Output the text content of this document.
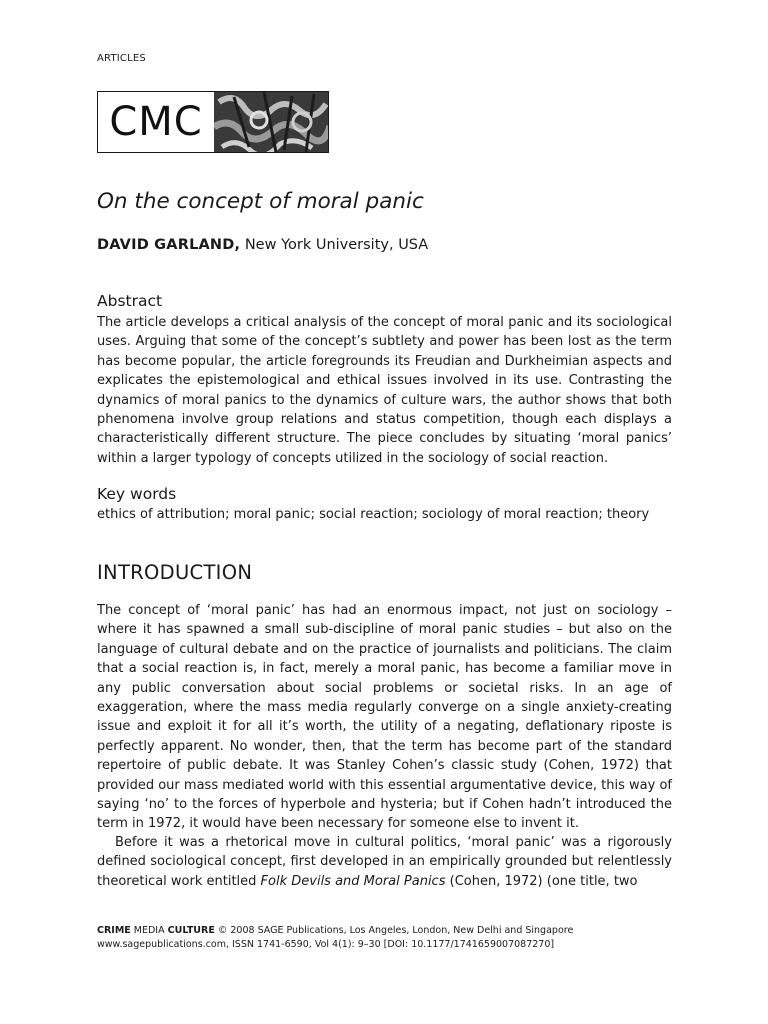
ARTICLES
CMC
On the concept of moral panic
DAVID GARLAND, New York University, USA
Abstract

The article develops a critical analysis of the concept of moral panic and its sociological uses. Arguing that some of the concept’s subtlety and power has been lost as the term has become popular, the article foregrounds its Freudian and Durkheimian aspects and explicates the epistemological and ethical issues involved in its use. Contrasting the dynamics of moral panics to the dynamics of culture wars, the author shows that both phenomena involve group relations and status competition, though each displays a characteristically different structure. The piece concludes by situating ‘moral panics’ within a larger typology of concepts utilized in the sociology of social reaction.

Key words
ethics of attribution; moral panic; social reaction; sociology of moral reaction; theory
INTRODUCTION

The concept of ‘moral panic’ has had an enormous impact, not just on sociology – where it has spawned a small sub-discipline of moral panic studies – but also on the language of cultural debate and on the practice of journalists and politicians. The claim that a social reaction is, in fact, merely a moral panic, has become a familiar move in any public conversation about social problems or societal risks. In an age of exaggeration, where the mass media regularly converge on a single anxiety-creating issue and exploit it for all it’s worth, the utility of a negating, deflationary riposte is perfectly apparent. No wonder, then, that the term has become part of the standard repertoire of public debate. It was Stanley Cohen’s classic study (Cohen, 1972) that provided our mass mediated world with this essential argumentative device, this way of saying ‘no’ to the forces of hyperbole and hysteria; but if Cohen hadn’t introduced the term in 1972, it would have been necessary for someone else to invent it.

Before it was a rhetorical move in cultural politics, ‘moral panic’ was a rigorously defined sociological concept, first developed in an empirically grounded but relentlessly theoretical work entitled Folk Devils and Moral Panics (Cohen, 1972) (one title, two

CRIME MEDIA CULTURE © 2008 SAGE Publications, Los Angeles, London, New Delhi and Singapore
www.sagepublications.com, ISSN 1741-6590, Vol 4(1): 9–30 [DOI: 10.1177/1741659007087270]
